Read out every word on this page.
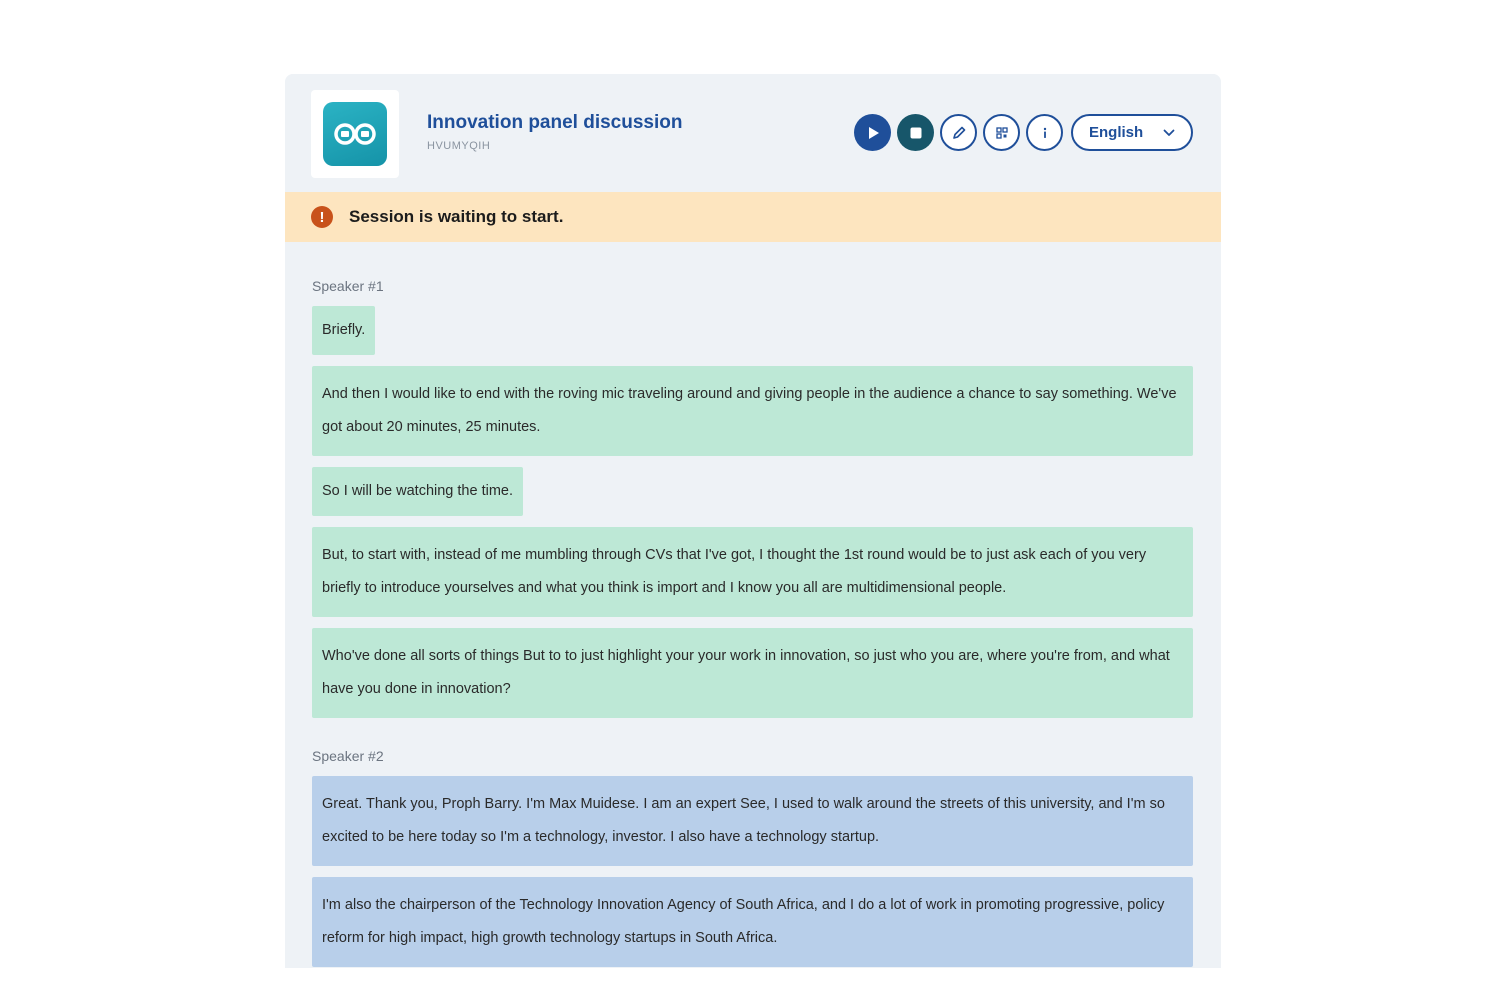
Innovation panel discussion
HVUMYQIH
English
!	Session is waiting to start.
Speaker #1
Briefly.
And then I would like to end with the roving mic traveling around and giving people in the audience a chance to say something. We've got about 20 minutes, 25 minutes.
So I will be watching the time.
But, to start with, instead of me mumbling through CVs that I've got, I thought the 1st round would be to just ask each of you very briefly to introduce yourselves and what you think is import and I know you all are multidimensional people.
Who've done all sorts of things But to to just highlight your your work in innovation, so just who you are, where you're from, and what have you done in innovation?
Speaker #2
Great. Thank you, Proph Barry. I'm Max Muidese. I am an expert See, I used to walk around the streets of this university, and I'm so excited to be here today so I'm a technology, investor. I also have a technology startup.
I'm also the chairperson of the Technology Innovation Agency of South Africa, and I do a lot of work in promoting progressive, policy reform for high impact, high growth technology startups in South Africa.
